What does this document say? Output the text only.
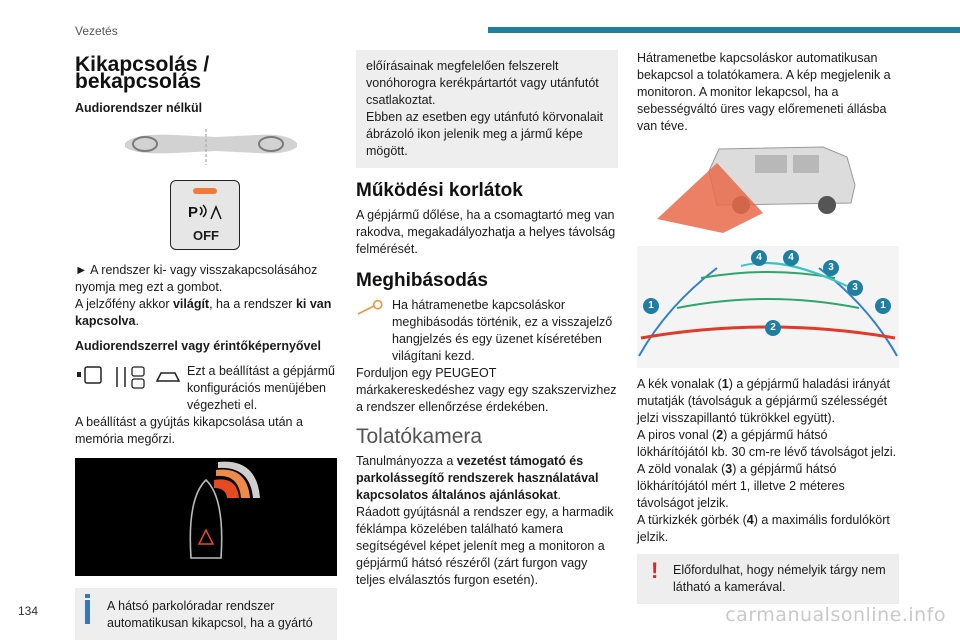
Vezetés
Kikapcsolás / bekapcsolás
Audiorendszer nélkül
P
OFF

► A rendszer ki- vagy visszakapcsolásához nyomja meg ezt a gombot.

A jelzőfény akkor világít, ha a rendszer ki van kapcsolva.

Audiorendszerrel vagy érintőképernyővel

Ezt a beállítást a gépjármű konfigurációs menüjében végezheti el.

A beállítást a gyújtás kikapcsolása után a memória megőrzi.

A hátsó parkolóradar rendszer automatikusan kikapcsol, ha a gyártó

előírásainak megfelelően felszerelt vonóhorogra kerékpártartót vagy utánfutót csatlakoztat.

Ebben az esetben egy utánfutó körvonalait ábrázoló ikon jelenik meg a jármű képe mögött.

Működési korlátok

A gépjármű dőlése, ha a csomagtartó meg van rakodva, megakadályozhatja a helyes távolság felmérését.

Meghibásodás

Ha hátramenetbe kapcsoláskor meghibásodás történik, ez a visszajelző hangjelzés és egy üzenet kíséretében világítani kezd.

Forduljon egy PEUGEOT márkakereskedéshez vagy egy szakszervizhez a rendszer ellenőrzése érdekében.

Tolatókamera

Tanulmányozza a vezetést támogató és parkolássegítő rendszerek használatával kapcsolatos általános ajánlásokat.

Ráadott gyújtásnál a rendszer egy, a harmadik féklámpa közelében található kamera segítségével képet jelenít meg a monitoron a gépjármű hátsó részéről (zárt furgon vagy teljes elválasztós furgon esetén).

Hátramenetbe kapcsoláskor automatikusan bekapcsol a tolatókamera. A kép megjelenik a monitoron. A monitor lekapcsol, ha a sebességváltó üres vagy előremeneti állásba van téve.

1	1
2
3
3
4	4

A kék vonalak (1) a gépjármű haladási irányát mutatják (távolságuk a gépjármű szélességét jelzi visszapillantó tükrökkel együtt).

A piros vonal (2) a gépjármű hátsó lökhárítójától kb. 30 cm-re lévő távolságot jelzi.

A zöld vonalak (3) a gépjármű hátsó lökhárítójától mért 1, illetve 2 méteres távolságot jelzik.

A türkizkék görbék (4) a maximális fordulókört jelzik.

! Előfordulhat, hogy némelyik tárgy nem látható a kamerával.

134	carmanualsonline.info
